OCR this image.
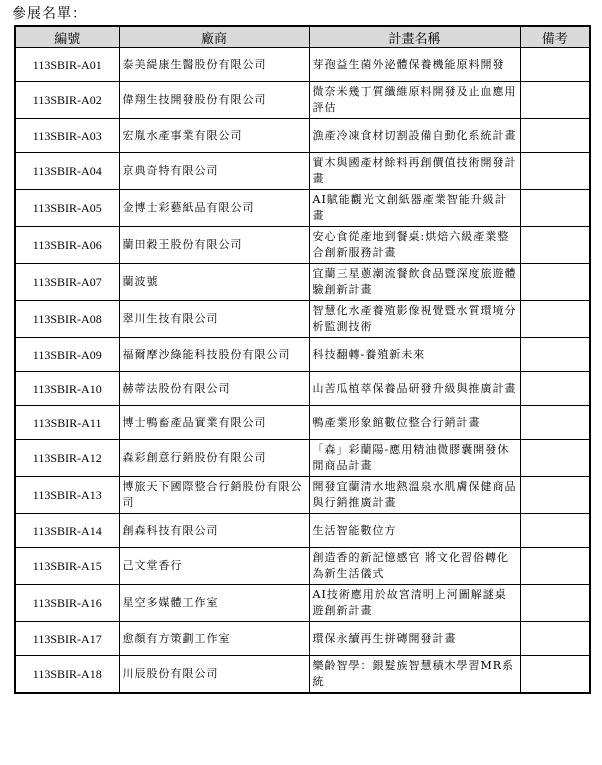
參展名單：
編號	廠商	計畫名稱	備考
113SBIR-A01	泰美緹康生醫股份有限公司	芽孢益生菌外泌體保養機能原料開發	
113SBIR-A02	偉翔生技開發股份有限公司	微奈米幾丁質纖維原料開發及止血應用評估	
113SBIR-A03	宏胤水產事業有限公司	漁產冷凍食材切割設備自動化系統計畫	
113SBIR-A04	京典奇特有限公司	實木與國產材餘料再創價值技術開發計畫	
113SBIR-A05	金博士彩藝紙品有限公司	AI賦能觀光文創紙器產業智能升級計畫	
113SBIR-A06	蘭田穀王股份有限公司	安心食從產地到餐桌:烘焙六級產業整合創新服務計畫	
113SBIR-A07	蘭波號	宜蘭三星蔥潮流餐飲食品暨深度旅遊體驗創新計畫	
113SBIR-A08	翠川生技有限公司	智慧化水產養殖影像視覺暨水質環境分析監測技術	
113SBIR-A09	福爾摩沙綠能科技股份有限公司	科技翻轉-養殖新未來	
113SBIR-A10	赫蒂法股份有限公司	山苦瓜植萃保養品研發升級與推廣計畫	
113SBIR-A11	博士鴨畜產品實業有限公司	鴨產業形象館數位整合行銷計畫	
113SBIR-A12	森彩創意行銷股份有限公司	「森」彩蘭陽-應用精油微膠囊開發休閒商品計畫	
113SBIR-A13	博旅天下國際整合行銷股份有限公司	開發宜蘭清水地熱溫泉水肌膚保健商品與行銷推廣計畫	
113SBIR-A14	創森科技有限公司	生活智能數位方	
113SBIR-A15	己文堂香行	創造香的新記憶感官 將文化習俗轉化為新生活儀式	
113SBIR-A16	星空多媒體工作室	AI技術應用於故宮清明上河圖解謎桌遊創新計畫	
113SBIR-A17	愈顏有方策劃工作室	環保永續再生拼磚開發計畫	
113SBIR-A18	川辰股份有限公司	樂齡智學：銀髮族智慧積木學習MR系統	
